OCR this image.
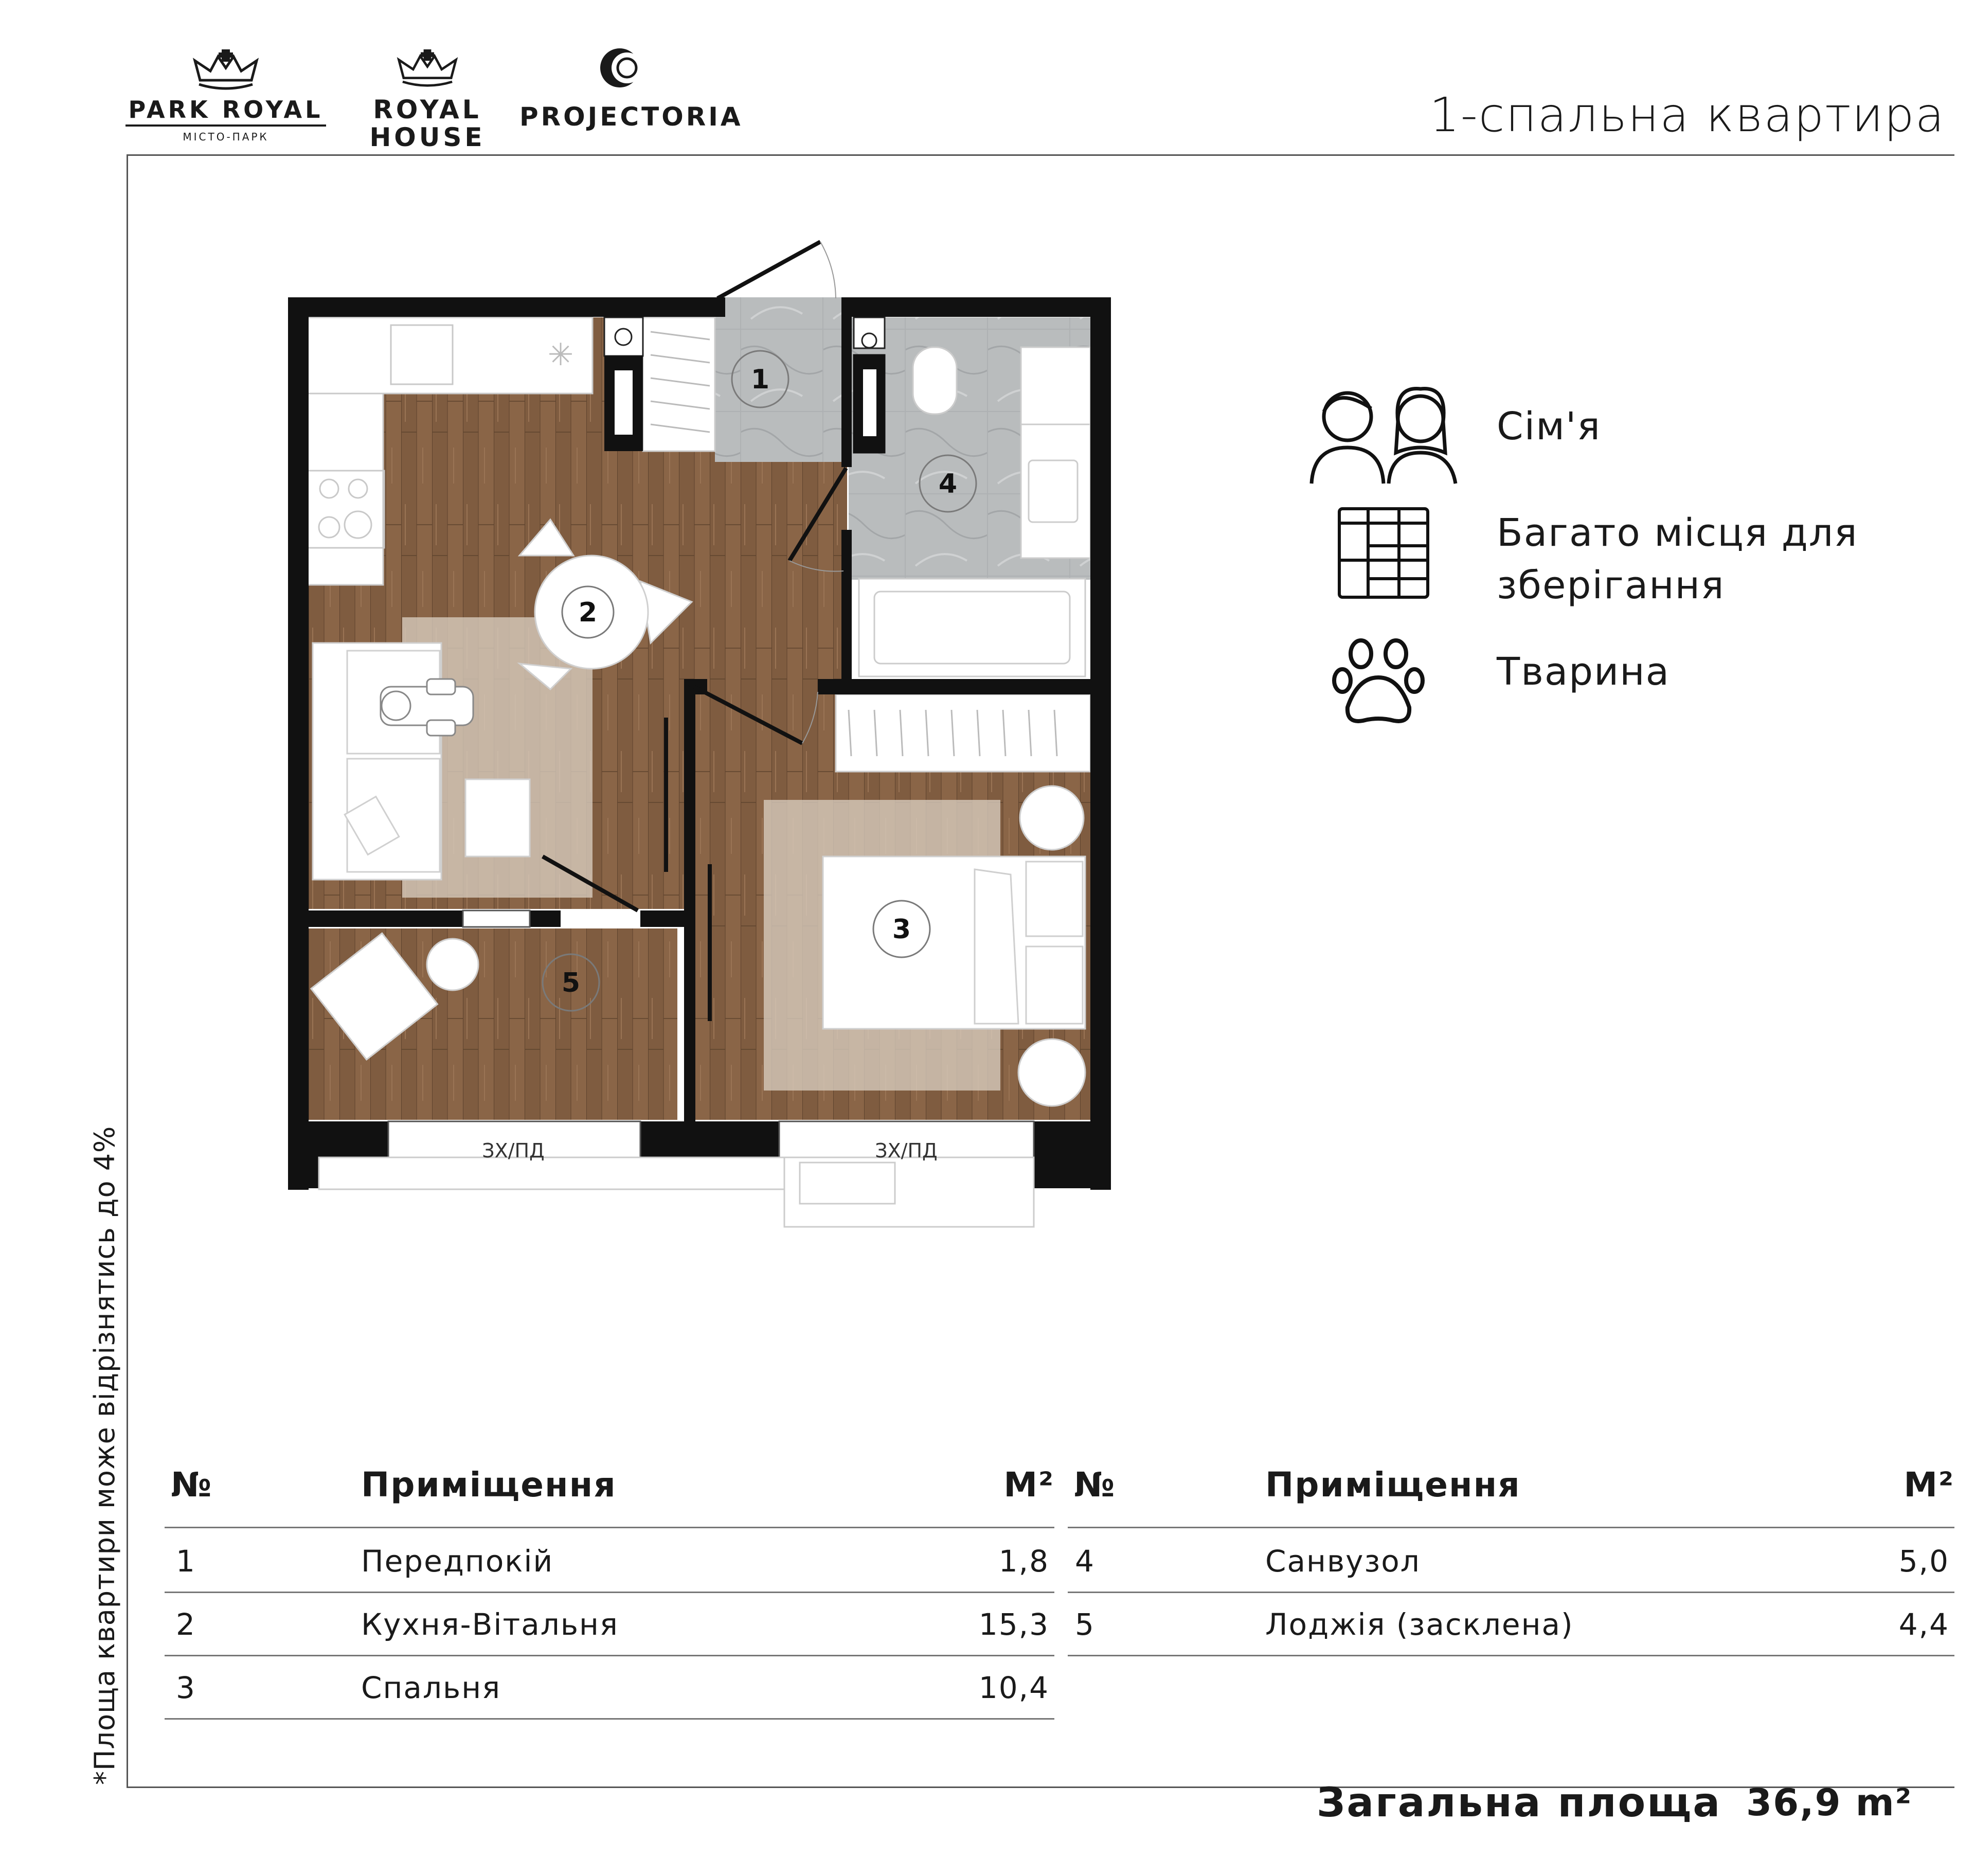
PARK ROYAL
МІСТО-ПАРК
ROYAL
HOUSE
PROJECTORIA	1-спальна квартира
*Площа квартири може відрізнятись до 4%
✳
1
2
3
4
5
ЗХ/ПД	ЗХ/ПД
Сім'я
Багато місця для зберігання
Тварина
№	Приміщення	М²
1	Передпокій	1,8
2	Кухня-Вітальня	15,3
3	Спальня	10,4
№	Приміщення	М²
4	Санвузол	5,0
5	Лоджія (засклена)	4,4
Загальна площа 36,9 m²
